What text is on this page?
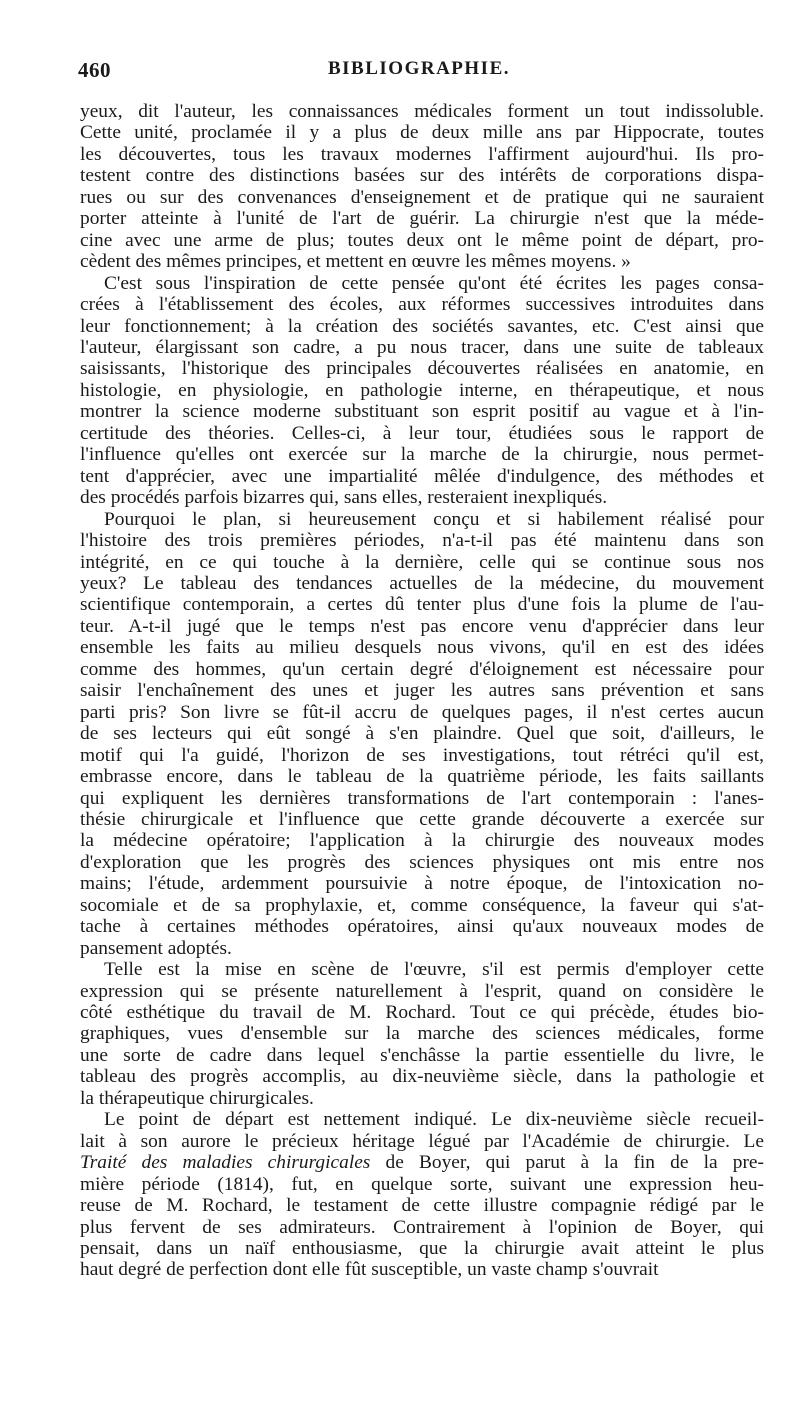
460	BIBLIOGRAPHIE.

yeux, dit l'auteur, les connaissances médicales forment un tout indissoluble.
Cette unité, proclamée il y a plus de deux mille ans par Hippocrate, toutes
les découvertes, tous les travaux modernes l'affirment aujourd'hui. Ils pro-
testent contre des distinctions basées sur des intérêts de corporations dispa-
rues ou sur des convenances d'enseignement et de pratique qui ne sauraient
porter atteinte à l'unité de l'art de guérir. La chirurgie n'est que la méde-
cine avec une arme de plus; toutes deux ont le même point de départ, pro-
cèdent des mêmes principes, et mettent en œuvre les mêmes moyens. »

C'est sous l'inspiration de cette pensée qu'ont été écrites les pages consa-
crées à l'établissement des écoles, aux réformes successives introduites dans
leur fonctionnement; à la création des sociétés savantes, etc. C'est ainsi que
l'auteur, élargissant son cadre, a pu nous tracer, dans une suite de tableaux
saisissants, l'historique des principales découvertes réalisées en anatomie, en
histologie, en physiologie, en pathologie interne, en thérapeutique, et nous
montrer la science moderne substituant son esprit positif au vague et à l'in-
certitude des théories. Celles-ci, à leur tour, étudiées sous le rapport de
l'influence qu'elles ont exercée sur la marche de la chirurgie, nous permet-
tent d'apprécier, avec une impartialité mêlée d'indulgence, des méthodes et
des procédés parfois bizarres qui, sans elles, resteraient inexpliqués.

Pourquoi le plan, si heureusement conçu et si habilement réalisé pour
l'histoire des trois premières périodes, n'a-t-il pas été maintenu dans son
intégrité, en ce qui touche à la dernière, celle qui se continue sous nos
yeux? Le tableau des tendances actuelles de la médecine, du mouvement
scientifique contemporain, a certes dû tenter plus d'une fois la plume de l'au-
teur. A-t-il jugé que le temps n'est pas encore venu d'apprécier dans leur
ensemble les faits au milieu desquels nous vivons, qu'il en est des idées
comme des hommes, qu'un certain degré d'éloignement est nécessaire pour
saisir l'enchaînement des unes et juger les autres sans prévention et sans
parti pris? Son livre se fût-il accru de quelques pages, il n'est certes aucun
de ses lecteurs qui eût songé à s'en plaindre. Quel que soit, d'ailleurs, le
motif qui l'a guidé, l'horizon de ses investigations, tout rétréci qu'il est,
embrasse encore, dans le tableau de la quatrième période, les faits saillants
qui expliquent les dernières transformations de l'art contemporain : l'anes-
thésie chirurgicale et l'influence que cette grande découverte a exercée sur
la médecine opératoire; l'application à la chirurgie des nouveaux modes
d'exploration que les progrès des sciences physiques ont mis entre nos
mains; l'étude, ardemment poursuivie à notre époque, de l'intoxication no-
socomiale et de sa prophylaxie, et, comme conséquence, la faveur qui s'at-
tache à certaines méthodes opératoires, ainsi qu'aux nouveaux modes de
pansement adoptés.

Telle est la mise en scène de l'œuvre, s'il est permis d'employer cette
expression qui se présente naturellement à l'esprit, quand on considère le
côté esthétique du travail de M. Rochard. Tout ce qui précède, études bio-
graphiques, vues d'ensemble sur la marche des sciences médicales, forme
une sorte de cadre dans lequel s'enchâsse la partie essentielle du livre, le
tableau des progrès accomplis, au dix-neuvième siècle, dans la pathologie et
la thérapeutique chirurgicales.

Le point de départ est nettement indiqué. Le dix-neuvième siècle recueil-
lait à son aurore le précieux héritage légué par l'Académie de chirurgie. Le
Traité des maladies chirurgicales de Boyer, qui parut à la fin de la pre-
mière période (1814), fut, en quelque sorte, suivant une expression heu-
reuse de M. Rochard, le testament de cette illustre compagnie rédigé par le
plus fervent de ses admirateurs. Contrairement à l'opinion de Boyer, qui
pensait, dans un naïf enthousiasme, que la chirurgie avait atteint le plus
haut degré de perfection dont elle fût susceptible, un vaste champ s'ouvrait
